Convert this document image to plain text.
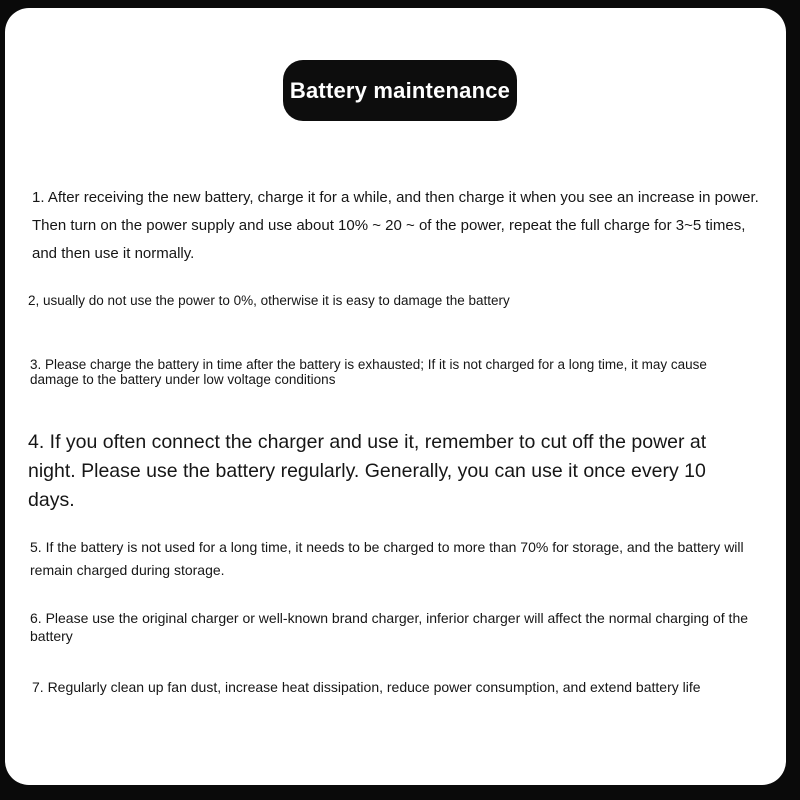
Battery maintenance
1. After receiving the new battery, charge it for a while, and then charge it when you see an increase in power. Then turn on the power supply and use about 10% ~ 20 ~ of the power, repeat the full charge for 3~5 times, and then use it normally.
2, usually do not use the power to 0%, otherwise it is easy to damage the battery
3. Please charge the battery in time after the battery is exhausted; If it is not charged for a long time, it may cause damage to the battery under low voltage conditions
4. If you often connect the charger and use it, remember to cut off the power at night. Please use the battery regularly. Generally, you can use it once every 10 days.
5. If the battery is not used for a long time, it needs to be charged to more than 70% for storage, and the battery will remain charged during storage.
6. Please use the original charger or well-known brand charger, inferior charger will affect the normal charging of the battery
7. Regularly clean up fan dust, increase heat dissipation, reduce power consumption, and extend battery life
